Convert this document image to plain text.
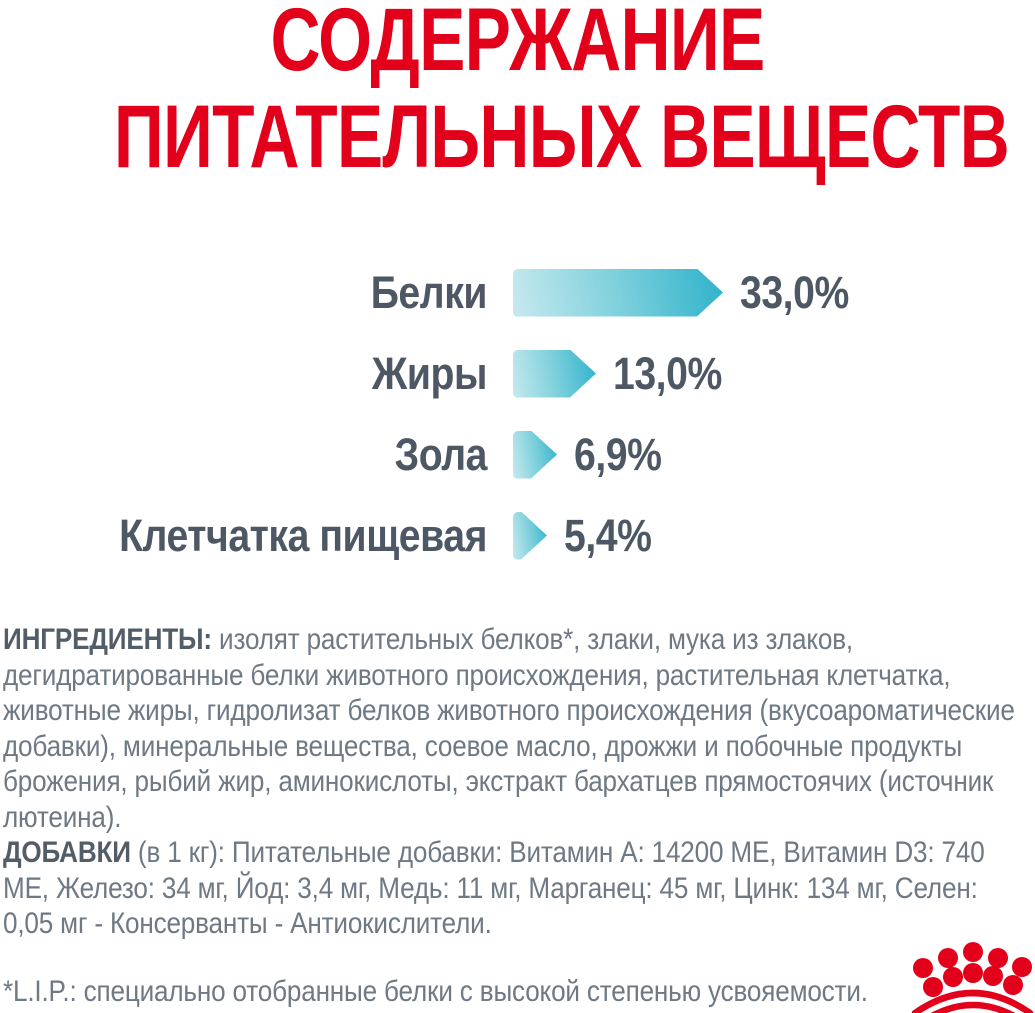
СОДЕРЖАНИЕ
ПИТАТЕЛЬНЫХ ВЕЩЕСТВ
Белки	33,0%
Жиры	13,0%
Зола 6,9%
Клетчатка пищевая 5,4%

ИНГРЕДИЕНТЫ: изолят растительных белков*, злаки, мука из злаков, дегидратированные белки животного происхождения, растительная клетчатка, животные жиры, гидролизат белков животного происхождения (вкусоароматические добавки), минеральные вещества, соевое масло, дрожжи и побочные продукты брожения, рыбий жир, аминокислоты, экстракт бархатцев прямостоячих (источник лютеина).

ДОБАВКИ (в 1 кг): Питательные добавки: Витамин A: 14200 МЕ, Витамин D3: 740 МЕ, Железо: 34 мг, Йод: 3,4 мг, Медь: 11 мг, Марганец: 45 мг, Цинк: 134 мг, Селен: 0,05 мг - Консерванты - Антиокислители.

*L.I.P.: специально отобранные белки с высокой степенью усвояемости.
